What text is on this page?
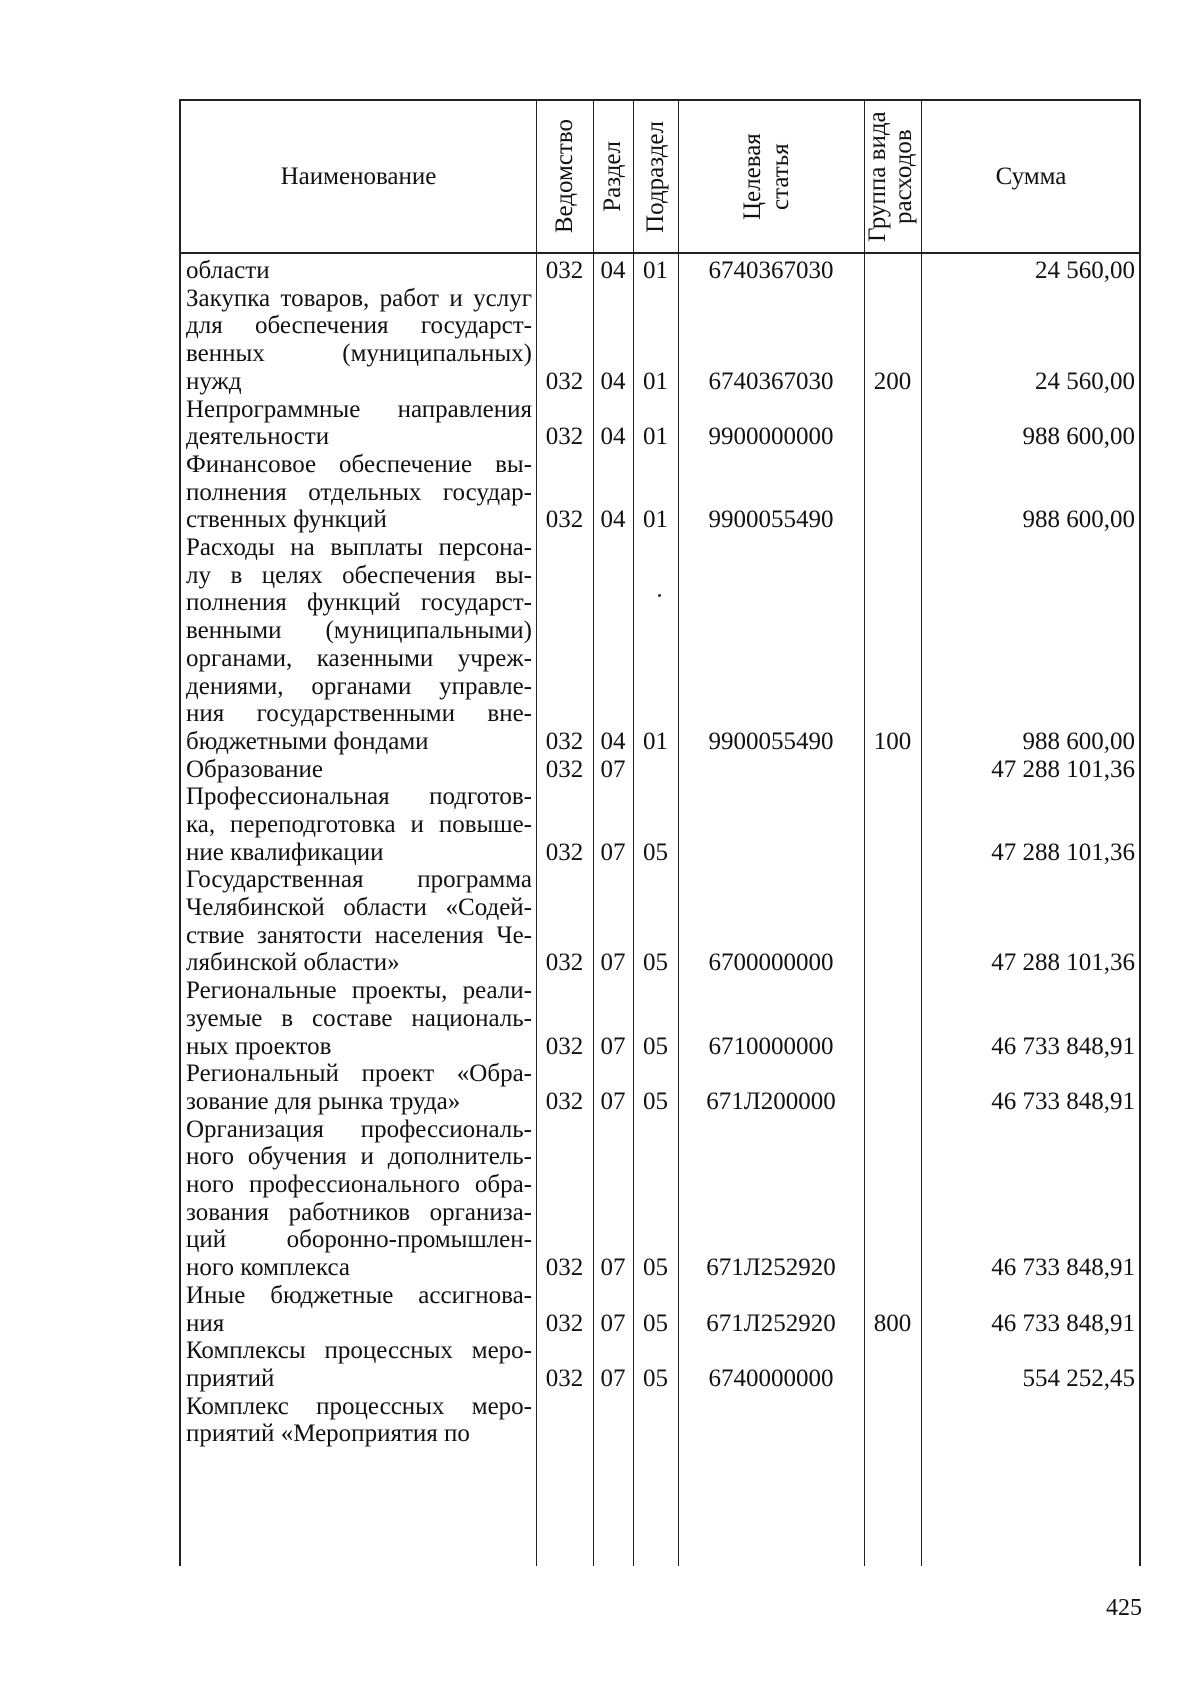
Наименование	Ведомство Раздел Подраздел	Целевая статья	Группа вида расходов	Сумма
области	032 04 01	6740367030	24 560,00
Закупка товаров, работ и услуг
для обеспечения государст-
венных (муниципальных)
нужд	032 04 01	6740367030	200	24 560,00
Непрограммные направления
деятельности	032 04 01	9900000000	988 600,00
Финансовое обеспечение вы-
полнения отдельных государ-
ственных функций	032 04 01	9900055490	988 600,00
Расходы на выплаты персона-
лу в целях обеспечения вы-
полнения функций государст-
венными (муниципальными)
органами, казенными учреж-
дениями, органами управле-
ния государственными вне-
бюджетными фондами	032 04 01	9900055490	100	988 600,00
Образование	032 07	47 288 101,36
Профессиональная подготов-
ка, переподготовка и повыше-
ние квалификации	032 07 05	47 288 101,36
Государственная программа
Челябинской области «Содей-
ствие занятости населения Че-
лябинской области»	032 07 05	6700000000	47 288 101,36
Региональные проекты, реали-
зуемые в составе националь-
ных проектов	032 07 05	6710000000	46 733 848,91
Региональный проект «Обра-
зование для рынка труда»	032 07 05	671Л200000	46 733 848,91
Организация профессиональ-
ного обучения и дополнитель-
ного профессионального обра-
зования работников организа-
ций оборонно-промышлен-
ного комплекса	032 07 05	671Л252920	46 733 848,91
Иные бюджетные ассигнова-
ния	032 07 05	671Л252920	800	46 733 848,91
Комплексы процессных меро-
приятий	032 07 05	6740000000	554 252,45
Комплекс процессных меро-
приятий «Мероприятия по
425
